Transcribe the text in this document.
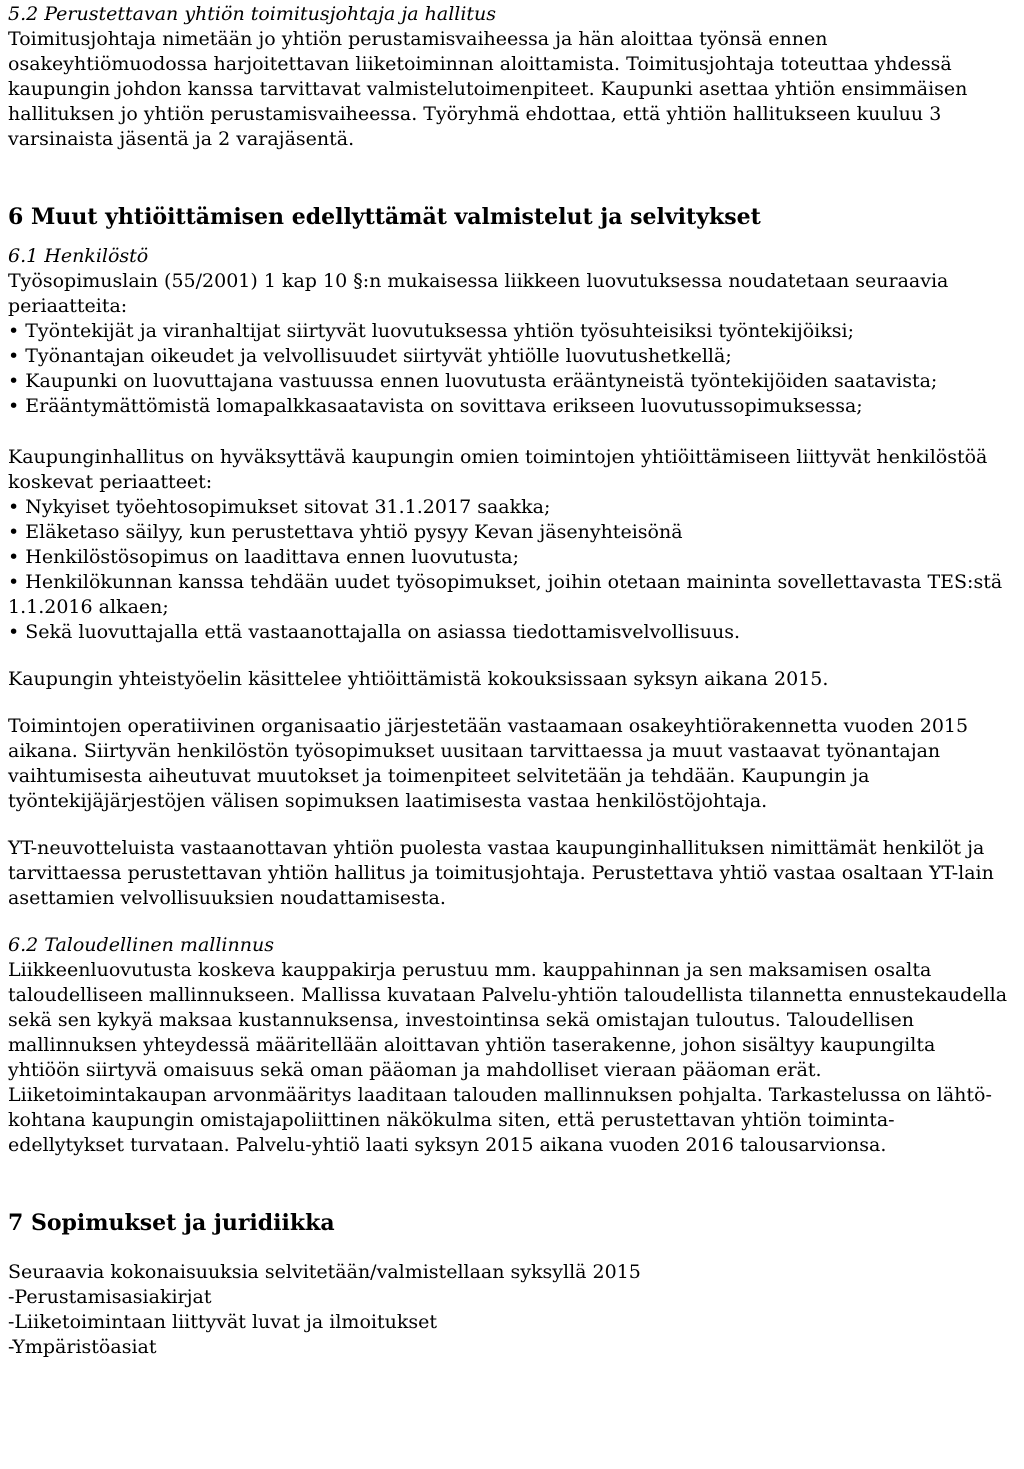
5.2 Perustettavan yhtiön toimitusjohtaja ja hallitus

Toimitusjohtaja nimetään jo yhtiön perustamisvaiheessa ja hän aloittaa työnsä ennen osakeyhtiömuodossa harjoitettavan liiketoiminnan aloittamista. Toimitusjohtaja toteuttaa yhdessä kaupungin johdon kanssa tarvittavat valmistelutoimenpiteet. Kaupunki asettaa yhtiön ensimmäisen hallituksen jo yhtiön perustamisvaiheessa. Työryhmä ehdottaa, että yhtiön hallitukseen kuuluu 3 varsinaista jäsentä ja 2 varajäsentä.

6 Muut yhtiöittämisen edellyttämät valmistelut ja selvitykset

6.1 Henkilöstö

Työsopimuslain (55/2001) 1 kap 10 §:n mukaisessa liikkeen luovutuksessa noudatetaan seuraavia periaatteita:

• Työntekijät ja viranhaltijat siirtyvät luovutuksessa yhtiön työsuhteisiksi työntekijöiksi;
• Työnantajan oikeudet ja velvollisuudet siirtyvät yhtiölle luovutushetkellä;
• Kaupunki on luovuttajana vastuussa ennen luovutusta erääntyneistä työntekijöiden saatavista;
• Erääntymättömistä lomapalkkasaatavista on sovittava erikseen luovutussopimuksessa;

Kaupunginhallitus on hyväksyttävä kaupungin omien toimintojen yhtiöittämiseen liittyvät henkilöstöä koskevat periaatteet:

• Nykyiset työehtosopimukset sitovat 31.1.2017 saakka;
• Eläketaso säilyy, kun perustettava yhtiö pysyy Kevan jäsenyhteisönä
• Henkilöstösopimus on laadittava ennen luovutusta;
• Henkilökunnan kanssa tehdään uudet työsopimukset, joihin otetaan maininta sovellettavasta TES:stä 1.1.2016 alkaen;
• Sekä luovuttajalla että vastaanottajalla on asiassa tiedottamisvelvollisuus.

Kaupungin yhteistyöelin käsittelee yhtiöittämistä kokouksissaan syksyn aikana 2015.

Toimintojen operatiivinen organisaatio järjestetään vastaamaan osakeyhtiörakennetta vuoden 2015 aikana. Siirtyvän henkilöstön työsopimukset uusitaan tarvittaessa ja muut vastaavat työnantajan vaihtumisesta aiheutuvat muutokset ja toimenpiteet selvitetään ja tehdään. Kaupungin ja työntekijäjärjestöjen välisen sopimuksen laatimisesta vastaa henkilöstöjohtaja.

YT-neuvotteluista vastaanottavan yhtiön puolesta vastaa kaupunginhallituksen nimittämät henkilöt ja tarvittaessa perustettavan yhtiön hallitus ja toimitusjohtaja. Perustettava yhtiö vastaa osaltaan YT-lain asettamien velvollisuuksien noudattamisesta.

6.2 Taloudellinen mallinnus

Liikkeenluovutusta koskeva kauppakirja perustuu mm. kauppahinnan ja sen maksamisen osalta taloudelliseen mallinnukseen. Mallissa kuvataan Palvelu-yhtiön taloudellista tilannetta ennustekaudella sekä sen kykyä maksaa kustannuksensa, investointinsa sekä omistajan tuloutus. Taloudellisen mallinnuksen yhteydessä määritellään aloittavan yhtiön taserakenne, johon sisältyy kaupungilta yhtiöön siirtyvä omaisuus sekä oman pääoman ja mahdolliset vieraan pääoman erät. Liiketoimintakaupan arvonmääritys laaditaan talouden mallinnuksen pohjalta. Tarkastelussa on lähtö-kohtana kaupungin omistajapoliittinen näkökulma siten, että perustettavan yhtiön toiminta-edellytykset turvataan. Palvelu-yhtiö laati syksyn 2015 aikana vuoden 2016 talousarvionsa.

7 Sopimukset ja juridiikka

Seuraavia kokonaisuuksia selvitetään/valmistellaan syksyllä 2015

-Perustamisasiakirjat

-Liiketoimintaan liittyvät luvat ja ilmoitukset

-Ympäristöasiat
